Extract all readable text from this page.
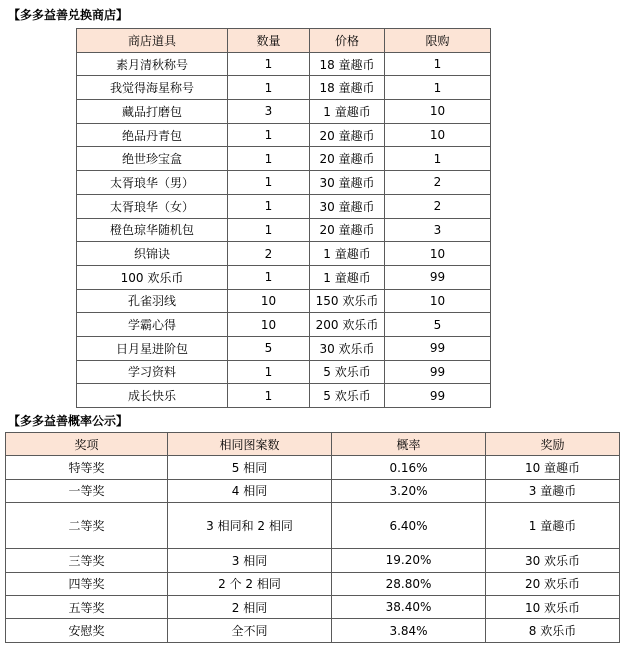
【多多益善兑换商店】
商店道具	数量	价格	限购
素月清秋称号	1	18 童趣币	1
我觉得海星称号	1	18 童趣币	1
藏品打磨包	3	1 童趣币	10
绝品丹青包	1	20 童趣币	10
绝世珍宝盒	1	20 童趣币	1
太胥琅华（男）	1	30 童趣币	2
太胥琅华（女）	1	30 童趣币	2
橙色琼华随机包	1	20 童趣币	3
织锦诀	2	1 童趣币	10
100 欢乐币	1	1 童趣币	99
孔雀羽线	10	150 欢乐币	10
学霸心得	10	200 欢乐币	5
日月星进阶包	5	30 欢乐币	99
学习资料	1	5 欢乐币	99
成长快乐	1	5 欢乐币	99
【多多益善概率公示】
奖项	相同图案数	概率	奖励
特等奖	5 相同	0.16%	10 童趣币
一等奖	4 相同	3.20%	3 童趣币
二等奖	3 相同和 2 相同	6.40%	1 童趣币
三等奖	3 相同	19.20%	30 欢乐币
四等奖	2 个 2 相同	28.80%	20 欢乐币
五等奖	2 相同	38.40%	10 欢乐币
安慰奖	全不同	3.84%	8 欢乐币
